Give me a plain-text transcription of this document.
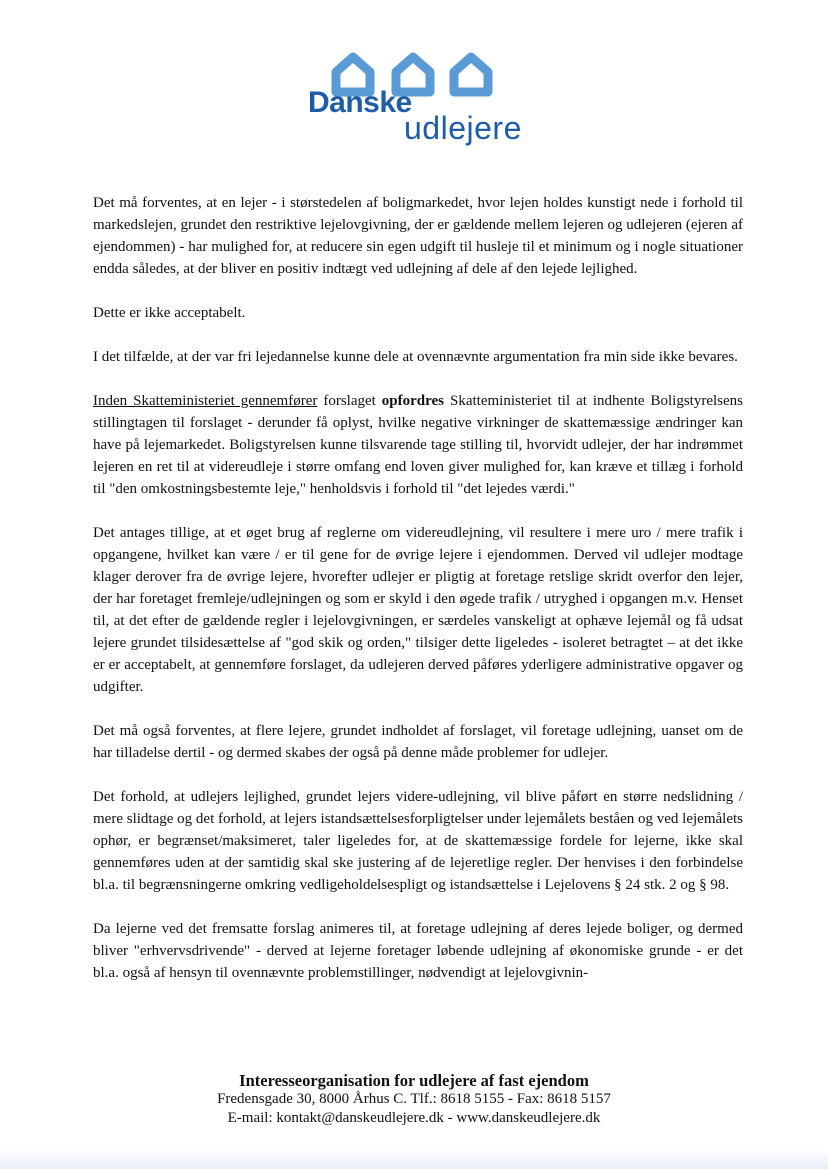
Danske
udlejere

Det må forventes, at en lejer - i størstedelen af boligmarkedet, hvor lejen holdes kunstigt nede i forhold til markedslejen, grundet den restriktive lejelovgivning, der er gældende mellem lejeren og udlejeren (ejeren af ejendommen) - har mulighed for, at reducere sin egen udgift til husleje til et minimum og i nogle situationer endda således, at der bliver en positiv indtægt ved udlejning af dele af den lejede lejlighed.

Dette er ikke acceptabelt.

I det tilfælde, at der var fri lejedannelse kunne dele at ovennævnte argumentation fra min side ikke bevares.

Inden Skatteministeriet gennemfører forslaget opfordres Skatteministeriet til at indhente Boligstyrelsens stillingtagen til forslaget - derunder få oplyst, hvilke negative virkninger de skattemæssige ændringer kan have på lejemarkedet. Boligstyrelsen kunne tilsvarende tage stilling til, hvorvidt udlejer, der har indrømmet lejeren en ret til at videreudleje i større omfang end loven giver mulighed for, kan kræve et tillæg i forhold til "den omkostningsbestemte leje," henholdsvis i forhold til "det lejedes værdi."

Det antages tillige, at et øget brug af reglerne om videreudlejning, vil resultere i mere uro / mere trafik i opgangene, hvilket kan være / er til gene for de øvrige lejere i ejendommen. Derved vil udlejer modtage klager derover fra de øvrige lejere, hvorefter udlejer er pligtig at foretage retslige skridt overfor den lejer, der har foretaget fremleje/udlejningen og som er skyld i den øgede trafik / utryghed i opgangen m.v. Henset til, at det efter de gældende regler i lejelovgivningen, er særdeles vanskeligt at ophæve lejemål og få udsat lejere grundet tilsidesættelse af "god skik og orden," tilsiger dette ligeledes - isoleret betragtet – at det ikke er er acceptabelt, at gennemføre forslaget, da udlejeren derved påføres yderligere administrative opgaver og udgifter.

Det må også forventes, at flere lejere, grundet indholdet af forslaget, vil foretage udlejning, uanset om de har tilladelse dertil - og dermed skabes der også på denne måde problemer for udlejer.

Det forhold, at udlejers lejlighed, grundet lejers videre-udlejning, vil blive påført en større nedslidning / mere slidtage og det forhold, at lejers istandsættelsesforpligtelser under lejemålets beståen og ved lejemålets ophør, er begrænset/maksimeret, taler ligeledes for, at de skattemæssige fordele for lejerne, ikke skal gennemføres uden at der samtidig skal ske justering af de lejeretlige regler. Der henvises i den forbindelse bl.a. til begrænsningerne omkring vedligeholdelsespligt og istandsættelse i Lejelovens § 24 stk. 2 og § 98.

Da lejerne ved det fremsatte forslag animeres til, at foretage udlejning af deres lejede boliger, og dermed bliver "erhvervsdrivende" - derved at lejerne foretager løbende udlejning af økonomiske grunde - er det bl.a. også af hensyn til ovennævnte problemstillinger, nødvendigt at lejelovgivnin-

Interesseorganisation for udlejere af fast ejendom
Fredensgade 30, 8000 Århus C. Tlf.: 8618 5155 - Fax: 8618 5157
E-mail: kontakt@danskeudlejere.dk - www.danskeudlejere.dk
